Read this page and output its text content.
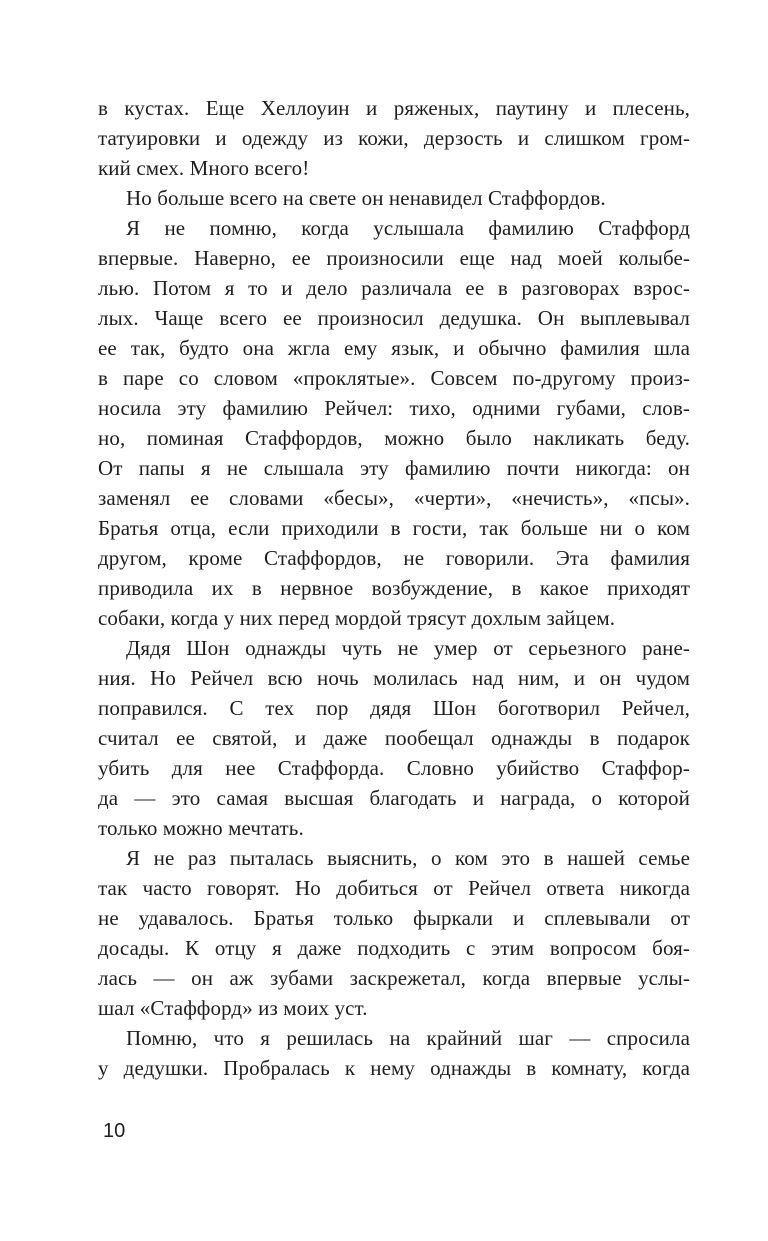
в кустах. Еще Хеллоуин и ряженых, паутину и плесень,
татуировки и одежду из кожи, дерзость и слишком гром-
кий смех. Много всего!
Но больше всего на свете он ненавидел Стаффордов.
Я не помню, когда услышала фамилию Стаффорд
впервые. Наверно, ее произносили еще над моей колыбе-
лью. Потом я то и дело различала ее в разговорах взрос-
лых. Чаще всего ее произносил дедушка. Он выплевывал
ее так, будто она жгла ему язык, и обычно фамилия шла
в паре со словом «проклятые». Совсем по-другому произ-
носила эту фамилию Рейчел: тихо, одними губами, слов-
но, поминая Стаффордов, можно было накликать беду.
От папы я не слышала эту фамилию почти никогда: он
заменял ее словами «бесы», «черти», «нечисть», «псы».
Братья отца, если приходили в гости, так больше ни о ком
другом, кроме Стаффордов, не говорили. Эта фамилия
приводила их в нервное возбуждение, в какое приходят
собаки, когда у них перед мордой трясут дохлым зайцем.
Дядя Шон однажды чуть не умер от серьезного ране-
ния. Но Рейчел всю ночь молилась над ним, и он чудом
поправился. С тех пор дядя Шон боготворил Рейчел,
считал ее святой, и даже пообещал однажды в подарок
убить для нее Стаффорда. Словно убийство Стаффор-
да — это самая высшая благодать и награда, о которой
только можно мечтать.
Я не раз пыталась выяснить, о ком это в нашей семье
так часто говорят. Но добиться от Рейчел ответа никогда
не удавалось. Братья только фыркали и сплевывали от
досады. К отцу я даже подходить с этим вопросом боя-
лась — он аж зубами заскрежетал, когда впервые услы-
шал «Стаффорд» из моих уст.
Помню, что я решилась на крайний шаг — спросила
у дедушки. Пробралась к нему однажды в комнату, когда
10
